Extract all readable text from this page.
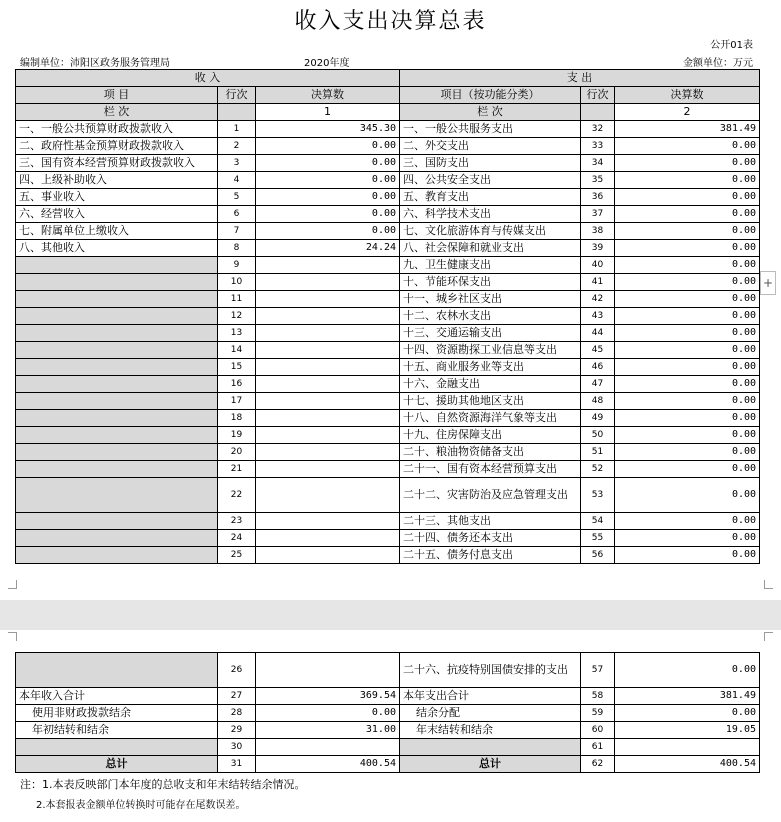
收入支出决算总表
公开01表
编制单位：沛阳区政务服务管理局	2020年度	金额单位：万元
收 入			支 出		
项 目	行次	决算数	项目（按功能分类）	行次	决算数
栏 次		1	栏 次		2
一、一般公共预算财政拨款收入	1	345.30	一、一般公共服务支出	32	381.49
二、政府性基金预算财政拨款收入	2	0.00	二、外交支出	33	0.00
三、国有资本经营预算财政拨款收入	3	0.00	三、国防支出	34	0.00
四、上级补助收入	4	0.00	四、公共安全支出	35	0.00
五、事业收入	5	0.00	五、教育支出	36	0.00
六、经营收入	6	0.00	六、科学技术支出	37	0.00
七、附属单位上缴收入	7	0.00	七、文化旅游体育与传媒支出	38	0.00
八、其他收入	8	24.24	八、社会保障和就业支出	39	0.00
	9		九、卫生健康支出	40	0.00
	10		十、节能环保支出	41	0.00
	11		十一、城乡社区支出	42	0.00
	12		十二、农林水支出	43	0.00
	13		十三、交通运输支出	44	0.00
	14		十四、资源勘探工业信息等支出	45	0.00
	15		十五、商业服务业等支出	46	0.00
	16		十六、金融支出	47	0.00
	17		十七、援助其他地区支出	48	0.00
	18		十八、自然资源海洋气象等支出	49	0.00
	19		十九、住房保障支出	50	0.00
	20		二十、粮油物资储备支出	51	0.00
	21		二十一、国有资本经营预算支出	52	0.00
	22		二十二、灾害防治及应急管理支出	53	0.00
	23		二十三、其他支出	54	0.00
	24		二十四、债务还本支出	55	0.00
	25		二十五、债务付息支出	56	0.00
+
	26		二十六、抗疫特别国债安排的支出	57	0.00
本年收入合计	27	369.54	本年支出合计	58	381.49
使用非财政拨款结余	28	0.00	结余分配	59	0.00
年初结转和结余	29	31.00	年末结转和结余	60	19.05
	30			61	
总计	31	400.54	总计	62	400.54
注：1.本表反映部门本年度的总收支和年末结转结余情况。
2.本套报表金额单位转换时可能存在尾数误差。
